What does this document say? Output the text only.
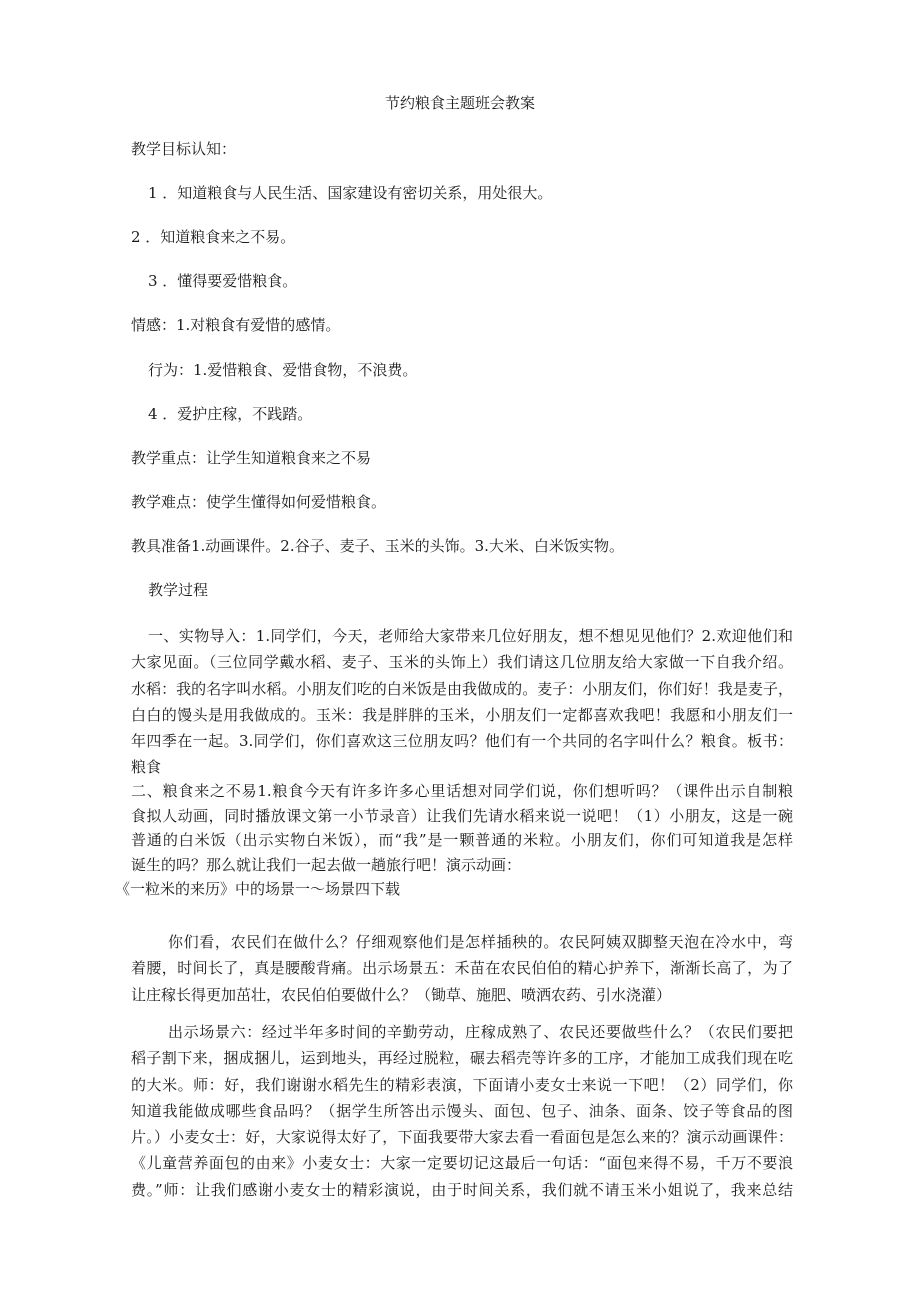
节约粮食主题班会教案
教学目标认知：
1 ．知道粮食与人民生活、国家建设有密切关系，用处很大。
2 ．知道粮食来之不易。
3 ．懂得要爱惜粮食。
情感：1.对粮食有爱惜的感情。
行为：1.爱惜粮食、爱惜食物，不浪费。
4 ．爱护庄稼，不践踏。
教学重点：让学生知道粮食来之不易
教学难点：使学生懂得如何爱惜粮食。
教具准备1.动画课件。2.谷子、麦子、玉米的头饰。3.大米、白米饭实物。
教学过程
一、实物导入：1.同学们，今天，老师给大家带来几位好朋友，想不想见见他们？2.欢迎他们和
大家见面。（三位同学戴水稻、麦子、玉米的头饰上）我们请这几位朋友给大家做一下自我介绍。
水稻：我的名字叫水稻。小朋友们吃的白米饭是由我做成的。麦子：小朋友们，你们好！我是麦子，
白白的馒头是用我做成的。玉米：我是胖胖的玉米，小朋友们一定都喜欢我吧！我愿和小朋友们一
年四季在一起。3.同学们，你们喜欢这三位朋友吗？他们有一个共同的名字叫什么？粮食。板书：
粮食
二、粮食来之不易1.粮食今天有许多许多心里话想对同学们说，你们想听吗？（课件出示自制粮
食拟人动画，同时播放课文第一小节录音）让我们先请水稻来说一说吧！（1）小朋友，这是一碗
普通的白米饭（出示实物白米饭），而“我”是一颗普通的米粒。小朋友们，你们可知道我是怎样
诞生的吗？那么就让我们一起去做一趟旅行吧！演示动画：
《一粒米的来历》中的场景一～场景四下载
你们看，农民们在做什么？仔细观察他们是怎样插秧的。农民阿姨双脚整天泡在冷水中，弯
着腰，时间长了，真是腰酸背痛。出示场景五：禾苗在农民伯伯的精心护养下，渐渐长高了，为了
让庄稼长得更加茁壮，农民伯伯要做什么？（锄草、施肥、喷洒农药、引水浇灌）
出示场景六：经过半年多时间的辛勤劳动，庄稼成熟了、农民还要做些什么？（农民们要把
稻子割下来，捆成捆儿，运到地头，再经过脱粒，碾去稻壳等许多的工序，才能加工成我们现在吃
的大米。师：好，我们谢谢水稻先生的精彩表演，下面请小麦女士来说一下吧！（2）同学们，你
知道我能做成哪些食品吗？（据学生所答出示馒头、面包、包子、油条、面条、饺子等食品的图
片。）小麦女士：好，大家说得太好了，下面我要带大家去看一看面包是怎么来的？演示动画课件：
《儿童营养面包的由来》小麦女士：大家一定要切记这最后一句话：“面包来得不易，千万不要浪
费。”师：让我们感谢小麦女士的精彩演说，由于时间关系，我们就不请玉米小姐说了，我来总结
